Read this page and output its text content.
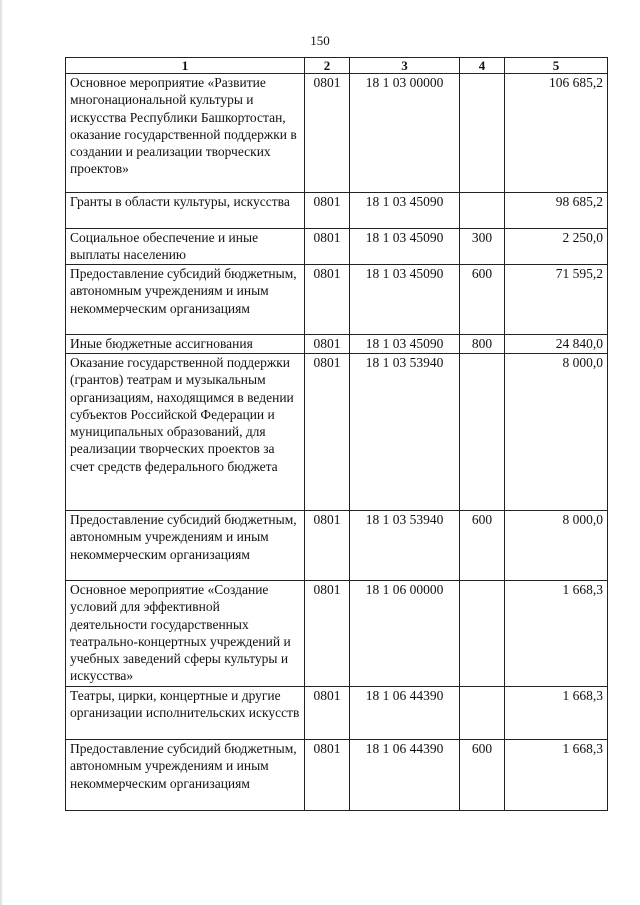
150
1	2	3	4	5
Основное мероприятие «Развитие многонациональной культуры и искусства Республики Башкортостан, оказание государственной поддержки в создании и реализации творческих проектов»	0801	18 1 03 00000		106 685,2
Гранты в области культуры, искусства	0801	18 1 03 45090		98 685,2
Социальное обеспечение и иные выплаты населению	0801	18 1 03 45090	300	2 250,0
Предоставление субсидий бюджетным, автономным учреждениям и иным некоммерческим организациям	0801	18 1 03 45090	600	71 595,2
Иные бюджетные ассигнования	0801	18 1 03 45090	800	24 840,0
Оказание государственной поддержки (грантов) театрам и музыкальным организациям, находящимся в ведении субъектов Российской Федерации и муниципальных образований, для реализации творческих проектов за счет средств федерального бюджета	0801	18 1 03 53940		8 000,0
Предоставление субсидий бюджетным, автономным учреждениям и иным некоммерческим организациям	0801	18 1 03 53940	600	8 000,0
Основное мероприятие «Создание условий для эффективной деятельности государственных театрально-концертных учреждений и учебных заведений сферы культуры и искусства»	0801	18 1 06 00000		1 668,3
Театры, цирки, концертные и другие организации исполнительских искусств	0801	18 1 06 44390		1 668,3
Предоставление субсидий бюджетным, автономным учреждениям и иным некоммерческим организациям	0801	18 1 06 44390	600	1 668,3
